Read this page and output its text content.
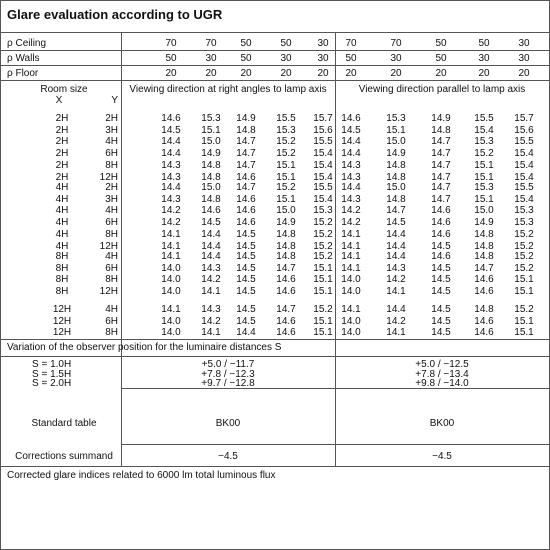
Glare evaluation according to UGR
ρ Ceiling	70	70	50	50	30	70	70	50	50	30
ρ Walls	50	30	50	30	30	50	30	50	30	30
ρ Floor	20	20	20	20	20	20	20	20	20	20
Room size
X	Y
Viewing direction at right angles to lamp axis	Viewing direction parallel to lamp axis
2H	2H	14.6	15.3	14.9	15.5	15.7 14.6	15.3	14.9	15.5	15.7
2H	3H	14.5	15.1	14.8	15.3	15.6 14.5	15.1	14.8	15.4	15.6
2H	4H	14.4	15.0	14.7	15.2	15.5 14.4	15.0	14.7	15.3	15.5
2H	6H	14.4	14.9	14.7	15.2	15.4 14.4	14.9	14.7	15.2	15.4
2H	8H	14.3	14.8	14.7	15.1	15.4 14.3	14.8	14.7	15.1	15.4
2H	12H	14.3	14.8	14.6	15.1	15.4 14.3	14.8	14.7	15.1	15.4
4H	2H	14.4	15.0	14.7	15.2	15.5 14.4	15.0	14.7	15.3	15.5
4H	3H	14.3	14.8	14.6	15.1	15.4 14.3	14.8	14.7	15.1	15.4
4H	4H	14.2	14.6	14.6	15.0	15.3 14.2	14.7	14.6	15.0	15.3
4H	6H	14.2	14.5	14.6	14.9	15.2 14.2	14.5	14.6	14.9	15.3
4H	8H	14.1	14.4	14.5	14.8	15.2 14.1	14.4	14.6	14.8	15.2
4H	12H	14.1	14.4	14.5	14.8	15.2 14.1	14.4	14.5	14.8	15.2
8H	4H	14.1	14.4	14.5	14.8	15.2 14.1	14.4	14.6	14.8	15.2
8H	6H	14.0	14.3	14.5	14.7	15.1 14.1	14.3	14.5	14.7	15.2
8H	8H	14.0	14.2	14.5	14.6	15.1 14.0	14.2	14.5	14.6	15.1
8H	12H	14.0	14.1	14.5	14.6	15.1 14.0	14.1	14.5	14.6	15.1
12H	4H	14.1	14.3	14.5	14.7	15.2 14.1	14.4	14.5	14.8	15.2
12H	6H	14.0	14.2	14.5	14.6	15.1 14.0	14.2	14.5	14.6	15.1
12H	8H	14.0	14.1	14.4	14.6	15.1 14.0	14.1	14.5	14.6	15.1
Variation of the observer position for the luminaire distances S
S = 1.0H	+5.0 / −11.7	+5.0 / −12.5
S = 1.5H	+7.8 / −12.3	+7.8 / −13.4
S = 2.0H	+9.7 / −12.8	+9.8 / −14.0
Standard table	BK00	BK00
Corrections summand	−4.5	−4.5
Corrected glare indices related to 6000 lm total luminous flux
